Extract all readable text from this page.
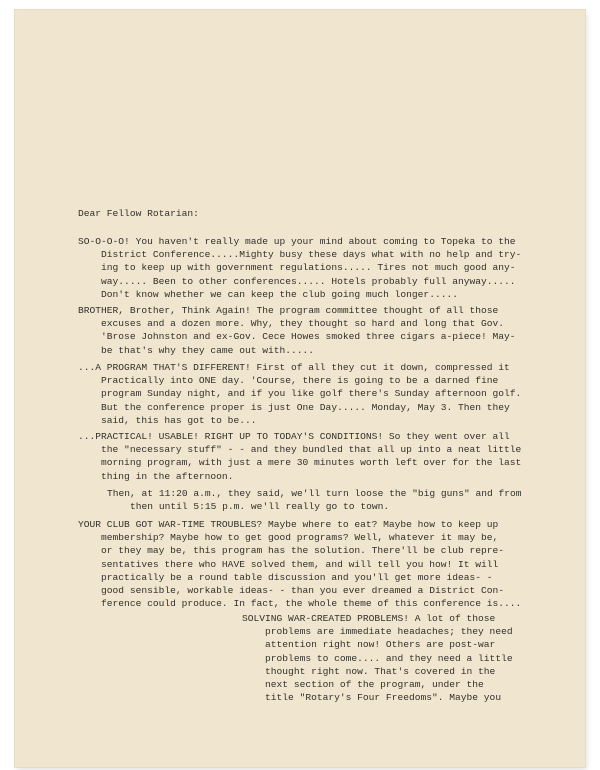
Dear Fellow Rotarian:
SO-O-O-O! You haven't really made up your mind about coming to Topeka to the
District Conference.....Mighty busy these days what with no help and try-
ing to keep up with government regulations..... Tires not much good any-
way..... Been to other conferences..... Hotels probably full anyway.....
Don't know whether we can keep the club going much longer.....
BROTHER, Brother, Think Again! The program committee thought of all those
excuses and a dozen more. Why, they thought so hard and long that Gov.
'Brose Johnston and ex-Gov. Cece Howes smoked three cigars a-piece! May-
be that's why they came out with.....
...A PROGRAM THAT'S DIFFERENT! First of all they cut it down, compressed it
Practically into ONE day. 'Course, there is going to be a darned fine
program Sunday night, and if you like golf there's Sunday afternoon golf.
But the conference proper is just One Day..... Monday, May 3. Then they
said, this has got to be...
...PRACTICAL! USABLE! RIGHT UP TO TODAY'S CONDITIONS! So they went over all
the "necessary stuff" - - and they bundled that all up into a neat little
morning program, with just a mere 30 minutes worth left over for the last
thing in the afternoon.
Then, at 11:20 a.m., they said, we'll turn loose the "big guns" and from
then until 5:15 p.m. we'll really go to town.
YOUR CLUB GOT WAR-TIME TROUBLES? Maybe where to eat? Maybe how to keep up
membership? Maybe how to get good programs? Well, whatever it may be,
or they may be, this program has the solution. There'll be club repre-
sentatives there who HAVE solved them, and will tell you how! It will
practically be a round table discussion and you'll get more ideas- -
good sensible, workable ideas- - than you ever dreamed a District Con-
ference could produce. In fact, the whole theme of this conference is....
SOLVING WAR-CREATED PROBLEMS! A lot of those
problems are immediate headaches; they need
attention right now! Others are post-war
problems to come.... and they need a little
thought right now. That's covered in the
next section of the program, under the
title "Rotary's Four Freedoms". Maybe you
